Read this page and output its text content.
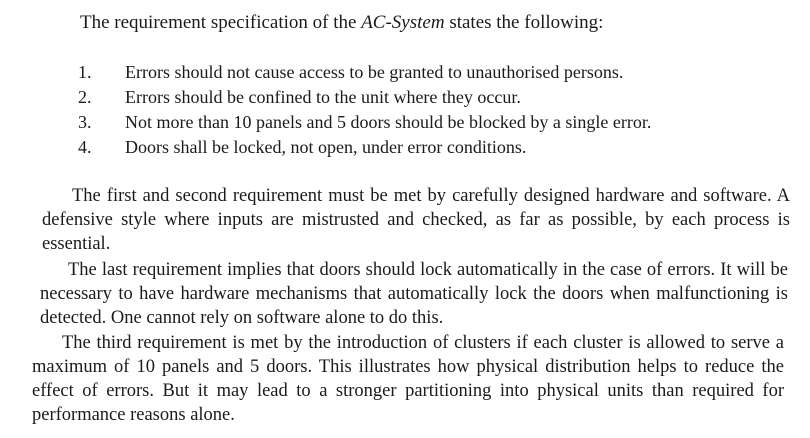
The requirement specification of the AC-System states the following:
1.	Errors should not cause access to be granted to unauthorised persons.
2.	Errors should be confined to the unit where they occur.
3.	Not more than 10 panels and 5 doors should be blocked by a single error.
4.	Doors shall be locked, not open, under error conditions.

The first and second requirement must be met by carefully designed hardware and software. A defensive style where inputs are mistrusted and checked, as far as possible, by each process is essential.

The last requirement implies that doors should lock automatically in the case of errors. It will be necessary to have hardware mechanisms that automatically lock the doors when malfunctioning is detected. One cannot rely on software alone to do this.

The third requirement is met by the introduction of clusters if each cluster is allowed to serve a maximum of 10 panels and 5 doors. This illustrates how physical distribution helps to reduce the effect of errors. But it may lead to a stronger partitioning into physical units than required for performance reasons alone.
